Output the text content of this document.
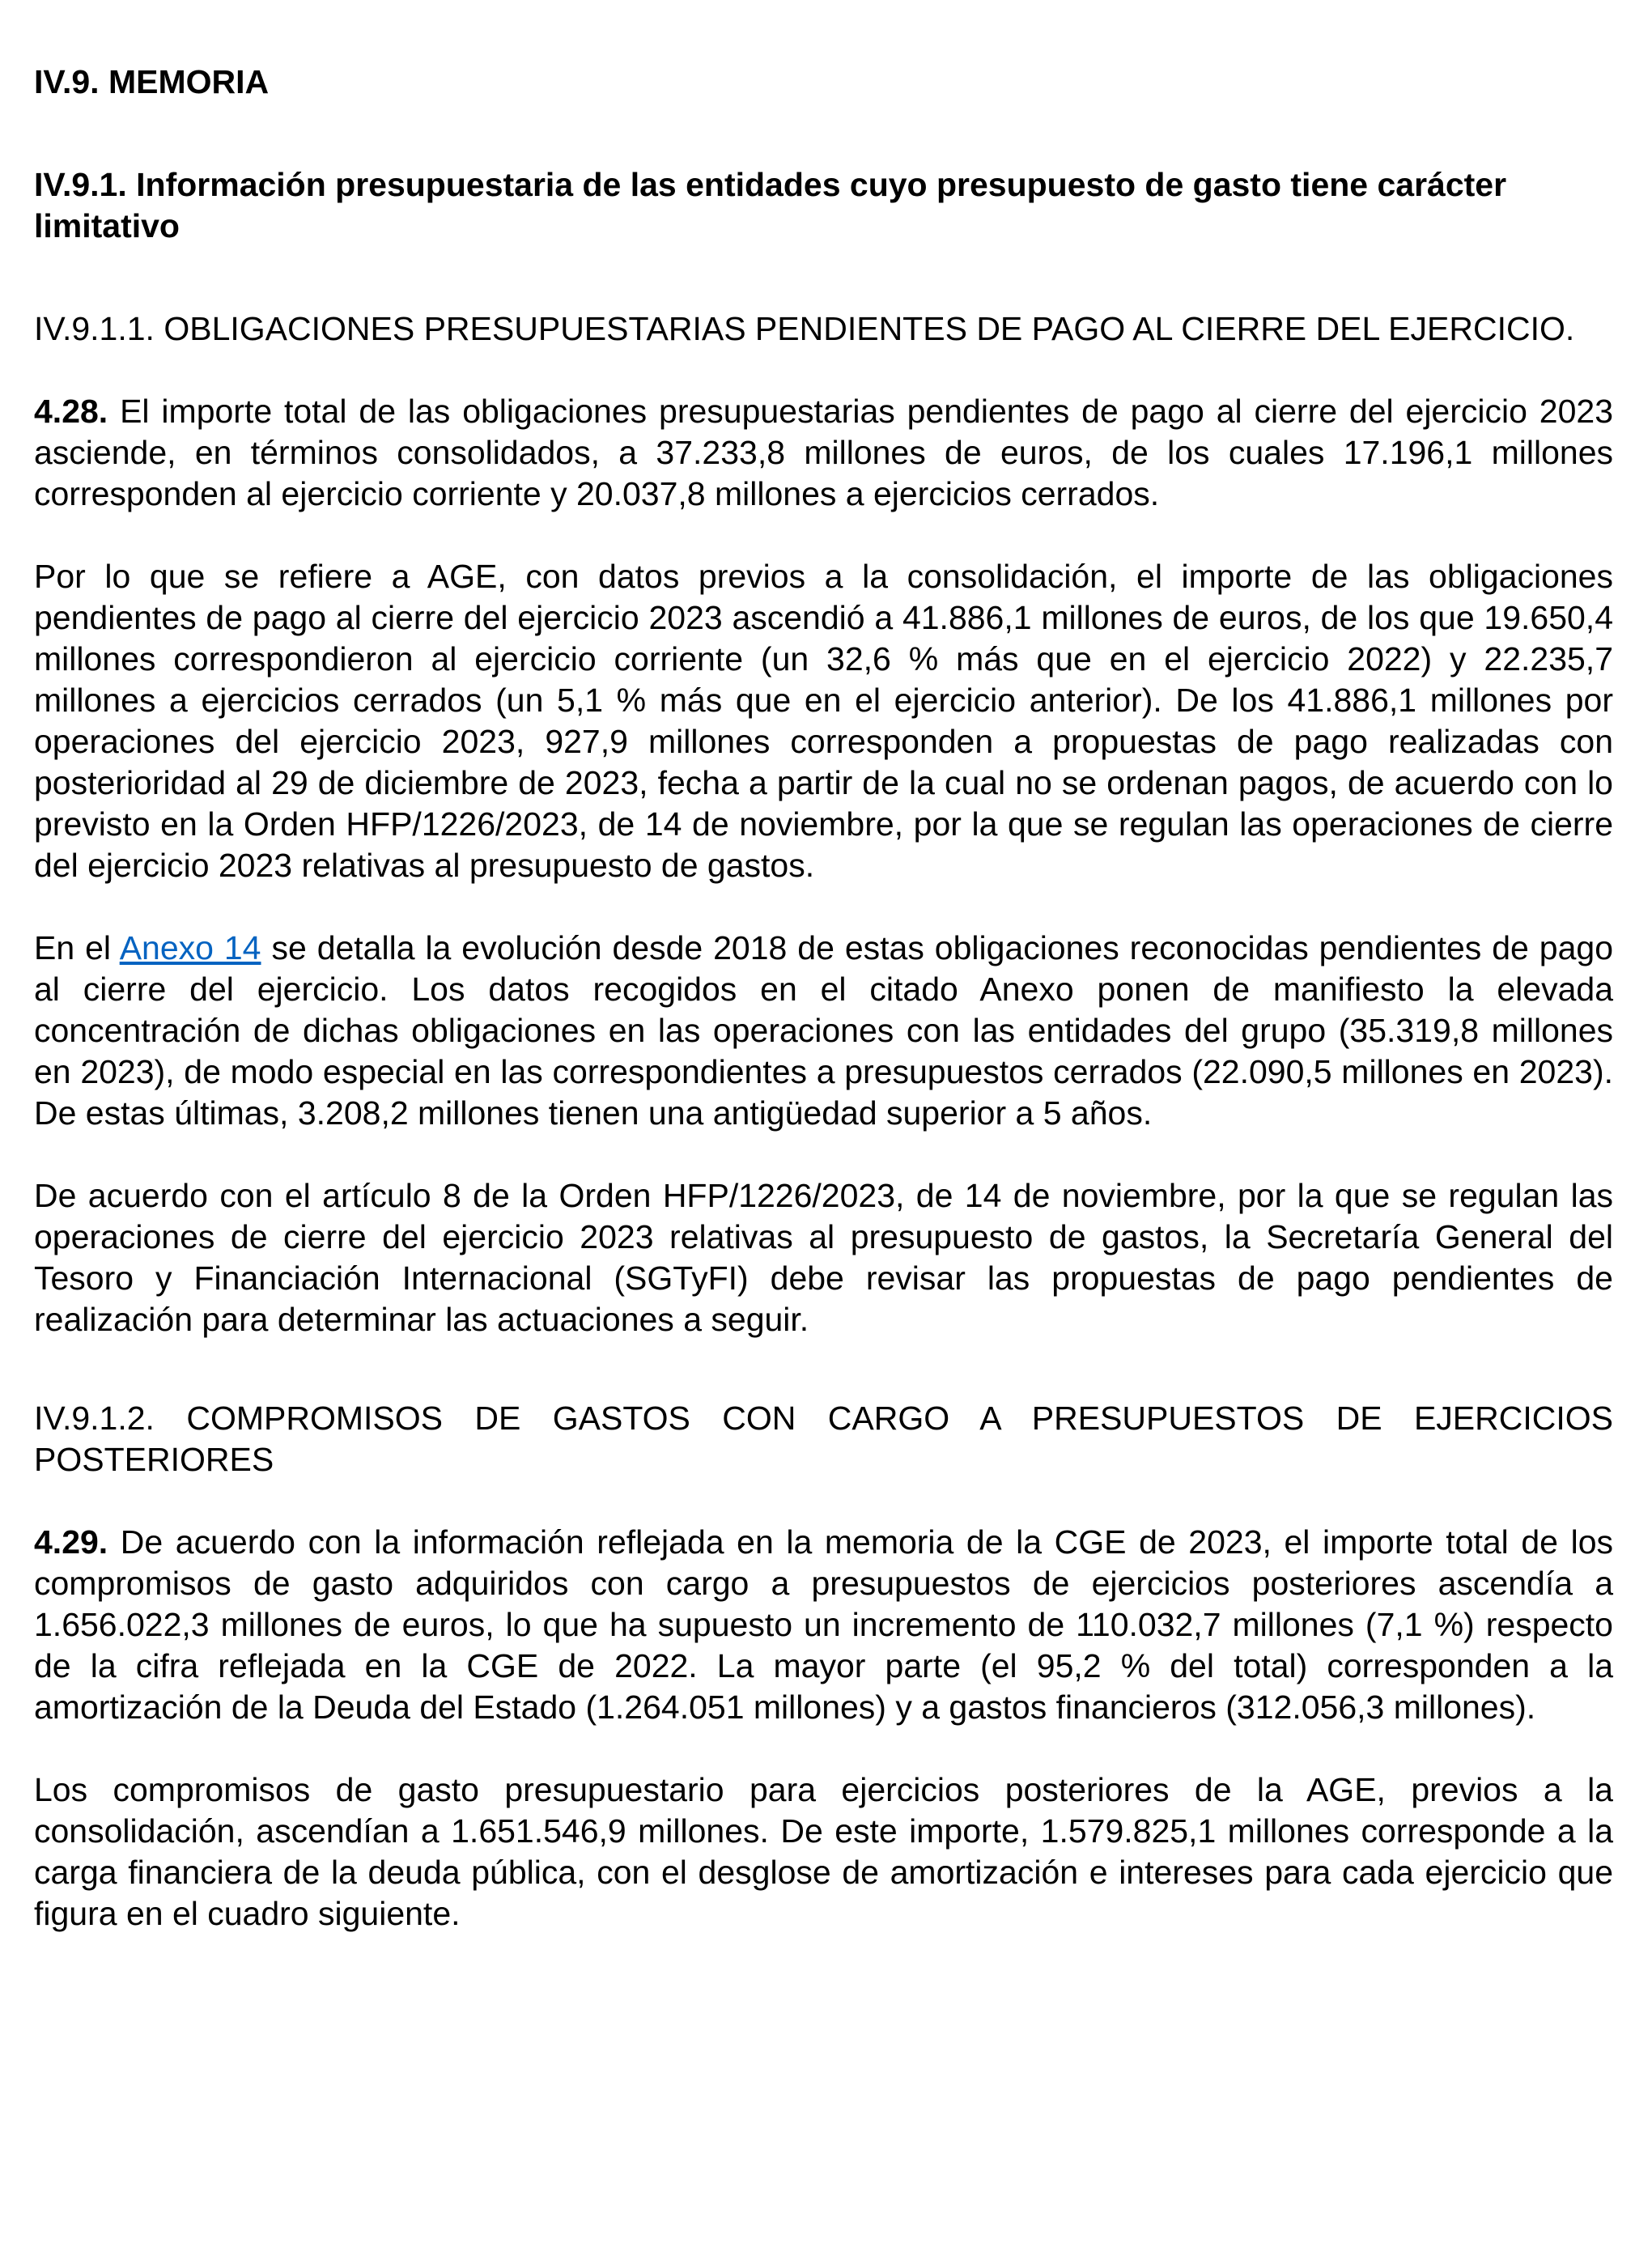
IV.9. MEMORIA
IV.9.1. Información presupuestaria de las entidades cuyo presupuesto de gasto tiene carácter limitativo
IV.9.1.1. OBLIGACIONES PRESUPUESTARIAS PENDIENTES DE PAGO AL CIERRE DEL EJERCICIO.

4.28. El importe total de las obligaciones presupuestarias pendientes de pago al cierre del ejercicio 2023 asciende, en términos consolidados, a 37.233,8 millones de euros, de los cuales 17.196,1 millones corresponden al ejercicio corriente y 20.037,8 millones a ejercicios cerrados.

Por lo que se refiere a AGE, con datos previos a la consolidación, el importe de las obligaciones pendientes de pago al cierre del ejercicio 2023 ascendió a 41.886,1 millones de euros, de los que 19.650,4 millones correspondieron al ejercicio corriente (un 32,6 % más que en el ejercicio 2022) y 22.235,7 millones a ejercicios cerrados (un 5,1 % más que en el ejercicio anterior). De los 41.886,1 millones por operaciones del ejercicio 2023, 927,9 millones corresponden a propuestas de pago realizadas con posterioridad al 29 de diciembre de 2023, fecha a partir de la cual no se ordenan pagos, de acuerdo con lo previsto en la Orden HFP/1226/2023, de 14 de noviembre, por la que se regulan las operaciones de cierre del ejercicio 2023 relativas al presupuesto de gastos.

En el Anexo 14 se detalla la evolución desde 2018 de estas obligaciones reconocidas pendientes de pago al cierre del ejercicio. Los datos recogidos en el citado Anexo ponen de manifiesto la elevada concentración de dichas obligaciones en las operaciones con las entidades del grupo (35.319,8 millones en 2023), de modo especial en las correspondientes a presupuestos cerrados (22.090,5 millones en 2023). De estas últimas, 3.208,2 millones tienen una antigüedad superior a 5 años.

De acuerdo con el artículo 8 de la Orden HFP/1226/2023, de 14 de noviembre, por la que se regulan las operaciones de cierre del ejercicio 2023 relativas al presupuesto de gastos, la Secretaría General del Tesoro y Financiación Internacional (SGTyFI) debe revisar las propuestas de pago pendientes de realización para determinar las actuaciones a seguir.

IV.9.1.2. COMPROMISOS DE GASTOS CON CARGO A PRESUPUESTOS DE EJERCICIOS POSTERIORES

4.29. De acuerdo con la información reflejada en la memoria de la CGE de 2023, el importe total de los compromisos de gasto adquiridos con cargo a presupuestos de ejercicios posteriores ascendía a 1.656.022,3 millones de euros, lo que ha supuesto un incremento de 110.032,7 millones (7,1 %) respecto de la cifra reflejada en la CGE de 2022. La mayor parte (el 95,2 % del total) corresponden a la amortización de la Deuda del Estado (1.264.051 millones) y a gastos financieros (312.056,3 millones).

Los compromisos de gasto presupuestario para ejercicios posteriores de la AGE, previos a la consolidación, ascendían a 1.651.546,9 millones. De este importe, 1.579.825,1 millones corresponde a la carga financiera de la deuda pública, con el desglose de amortización e intereses para cada ejercicio que figura en el cuadro siguiente.
